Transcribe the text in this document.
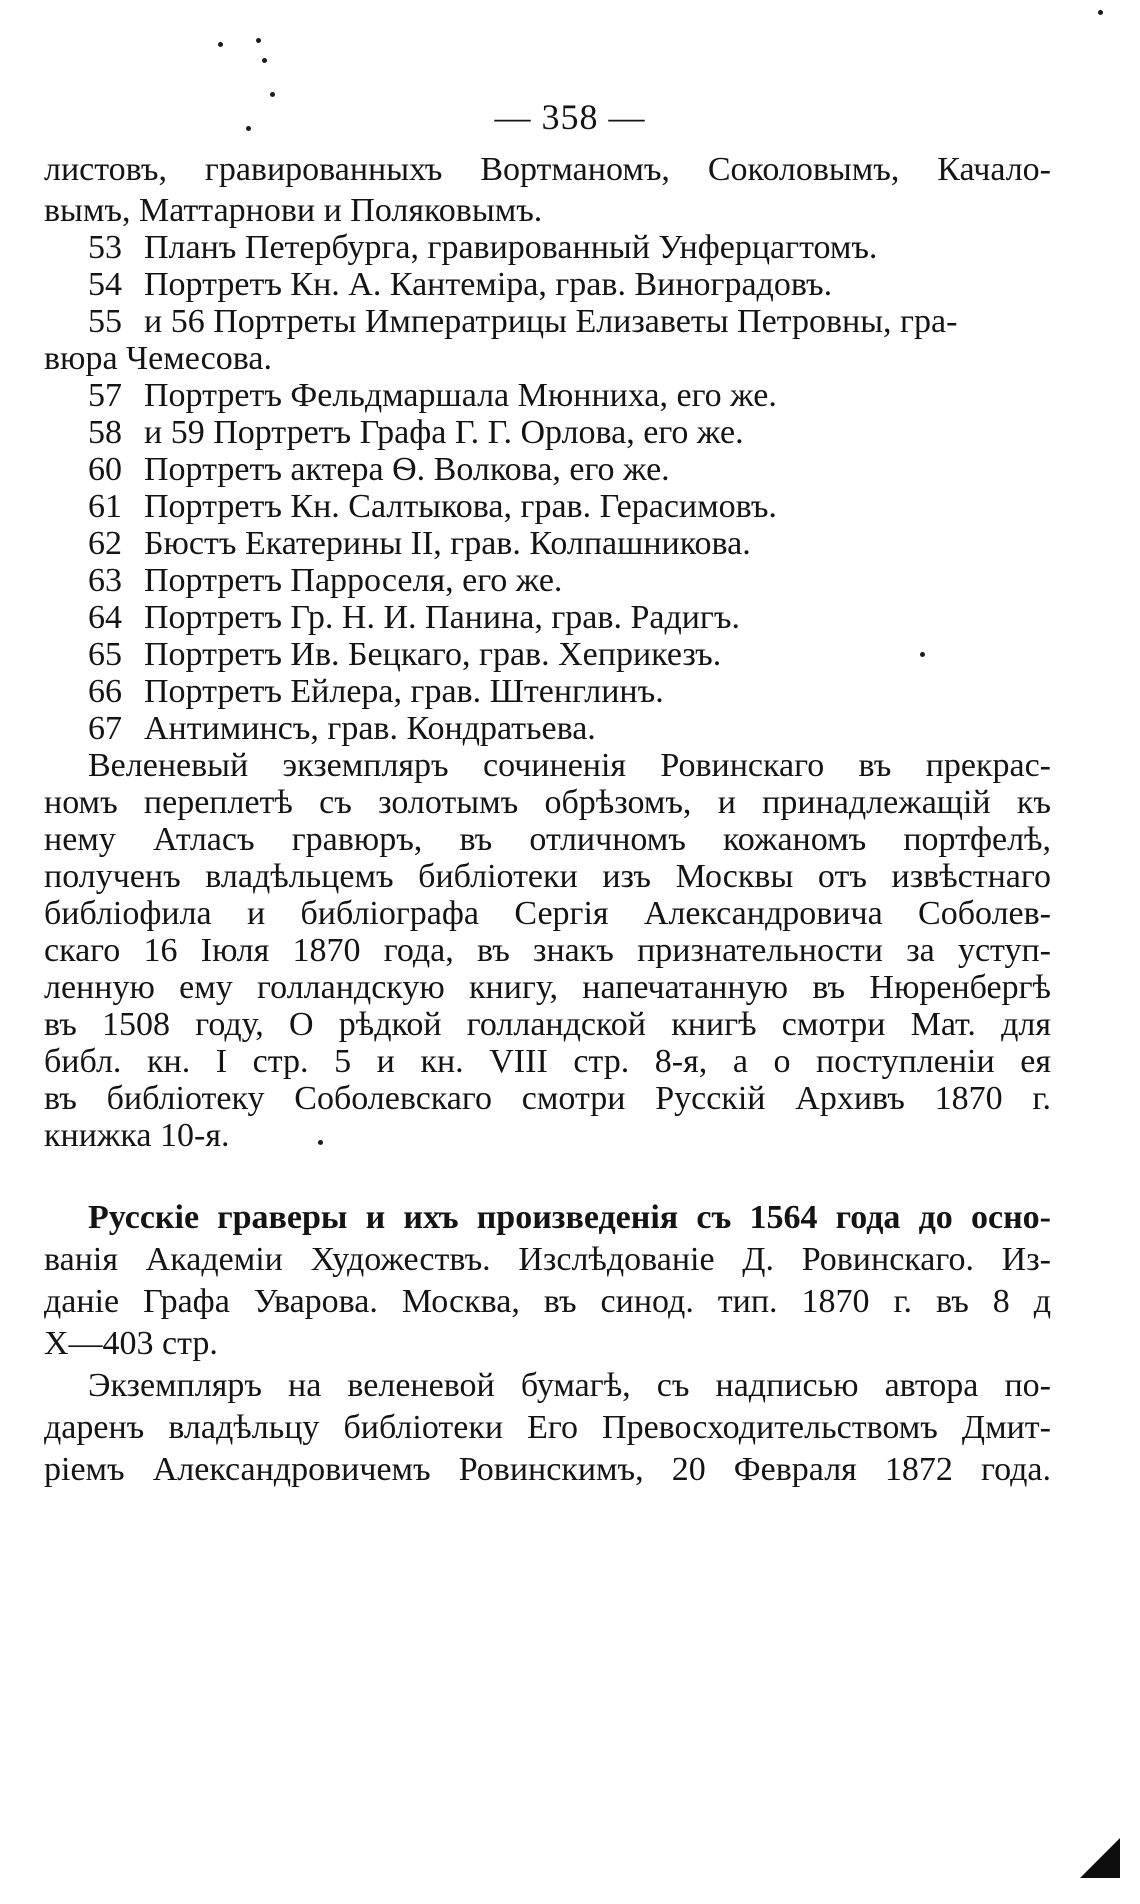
— 358 —
листовъ, гравированныхъ Вортманомъ, Соколовымъ, Качало-
вымъ, Маттарнови и Поляковымъ.
53 Планъ Петербурга, гравированный Унферцагтомъ.
54 Портретъ Кн. А. Кантеміра, грав. Виноградовъ.
55 и 56 Портреты Императрицы Елизаветы Петровны, гра-
вюра Чемесова.
57 Портретъ Фельдмаршала Мюнниха, его же.
58 и 59 Портретъ Графа Г. Г. Орлова, его же.
60 Портретъ актера Ѳ. Волкова, его же.
61 Портретъ Кн. Салтыкова, грав. Герасимовъ.
62 Бюстъ Екатерины II, грав. Колпашникова.
63 Портретъ Парроселя, его же.
64 Портретъ Гр. Н. И. Панина, грав. Радигъ.
65 Портретъ Ив. Бецкаго, грав. Хеприкезъ.
66 Портретъ Ейлера, грав. Штенглинъ.
67 Антиминсъ, грав. Кондратьева.
Веленевый экземпляръ сочиненія Ровинскаго въ прекрас-
номъ переплетѣ съ золотымъ обрѣзомъ, и принадлежащій къ
нему Атласъ гравюръ, въ отличномъ кожаномъ портфелѣ,
полученъ владѣльцемъ библіотеки изъ Москвы отъ извѣстнаго
библіофила и библіографа Сергія Александровича Соболев-
скаго 16 Іюля 1870 года, въ знакъ признательности за уступ-
ленную ему голландскую книгу, напечатанную въ Нюренбергѣ
въ 1508 году, О рѣдкой голландской книгѣ смотри Мат. для
библ. кн. I стр. 5 и кн. VIII стр. 8-я, а о поступленіи ея
въ библіотеку Соболевскаго смотри Русскій Архивъ 1870 г.
книжка 10-я.
Русскіе граверы и ихъ произведенія съ 1564 года до осно-
ванія Академіи Художествъ. Изслѣдованіе Д. Ровинскаго. Из-
даніе Графа Уварова. Москва, въ синод. тип. 1870 г. въ 8 д
X—403 стр.
Экземпляръ на веленевой бумагѣ, съ надписью автора по-
даренъ владѣльцу библіотеки Его Превосходительствомъ Дмит-
ріемъ Александровичемъ Ровинскимъ, 20 Февраля 1872 года.
